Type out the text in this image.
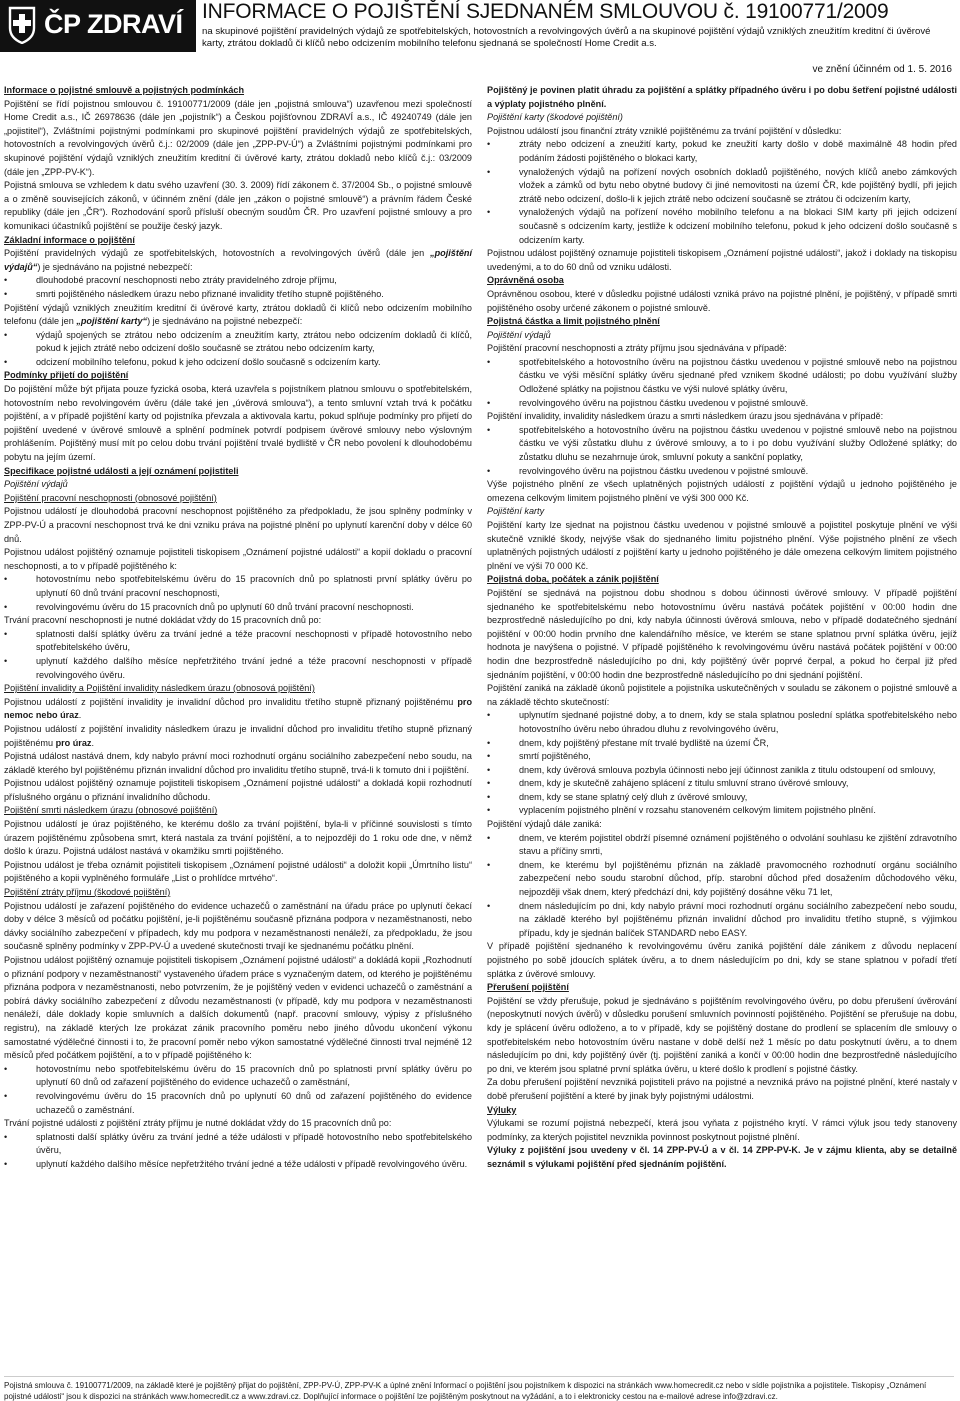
ČP ZDRAVÍ INFORMACE O POJIŠTĚNÍ SJEDNANÉM SMLOUVOU č. 19100771/2009
na skupinové pojištění pravidelných výdajů ze spotřebitelských, hotovostních a revolvingových úvěrů a na skupinové pojištění výdajů vzniklých zneužitím kreditní či úvěrové karty, ztrátou dokladů či klíčů nebo odcizením mobilního telefonu sjednaná se společností Home Credit a.s.
ve znění účinném od 1. 5. 2016

Informace o pojistné smlouvě a pojistných podmínkách

Pojištění se řídí pojistnou smlouvou č. 19100771/2009 (dále jen „pojistná smlouva“) uzavřenou mezi společností Home Credit a.s., IČ 26978636 (dále jen „pojistník“) a Českou pojišťovnou ZDRAVÍ a.s., IČ 49240749 (dále jen „pojistitel“), Zvláštními pojistnými podmínkami pro skupinové pojištění pravidelných výdajů ze spotřebitelských, hotovostních a revolvingových úvěrů č.j.: 02/2009 (dále jen „ZPP-PV-Ú“) a Zvláštními pojistnými podmínkami pro skupinové pojištění výdajů vzniklých zneužitím kreditní či úvěrové karty, ztrátou dokladů nebo klíčů č.j.: 03/2009 (dále jen „ZPP-PV-K“).

Pojistná smlouva se vzhledem k datu svého uzavření (30. 3. 2009) řídí zákonem č. 37/2004 Sb., o pojistné smlouvě a o změně souvisejících zákonů, v účinném znění (dále jen „zákon o pojistné smlouvě“) a právním řádem České republiky (dále jen „ČR“). Rozhodování sporů přísluší obecným soudům ČR. Pro uzavření pojistné smlouvy a pro komunikaci účastníků pojištění se použije český jazyk.

Základní informace o pojištění

Pojištění pravidelných výdajů ze spotřebitelských, hotovostních a revolvingových úvěrů (dále jen „pojištění výdajů“) je sjednáváno na pojistné nebezpečí:

• dlouhodobé pracovní neschopnosti nebo ztráty pravidelného zdroje příjmu,
• smrti pojištěného následkem úrazu nebo přiznané invalidity třetího stupně pojištěného.

Pojištění výdajů vzniklých zneužitím kreditní či úvěrové karty, ztrátou dokladů či klíčů nebo odcizením mobilního telefonu (dále jen „pojištění karty“) je sjednáváno na pojistné nebezpečí:

• výdajů spojených se ztrátou nebo odcizením a zneužitím karty, ztrátou nebo odcizením dokladů či klíčů, pokud k jejich ztrátě nebo odcizení došlo současně se ztrátou nebo odcizením karty,
• odcizení mobilního telefonu, pokud k jeho odcizení došlo současně s odcizením karty.

Podmínky přijetí do pojištění

Do pojištění může být přijata pouze fyzická osoba, která uzavřela s pojistníkem platnou smlouvu o spotřebitelském, hotovostním nebo revolvingovém úvěru (dále také jen „úvěrová smlouva“), a tento smluvní vztah trvá k počátku pojištění, a v případě pojištění karty od pojistníka převzala a aktivovala kartu, pokud splňuje podmínky pro přijetí do pojištění uvedené v úvěrové smlouvě a splnění podmínek potvrdí podpisem úvěrové smlouvy nebo výslovným prohlášením. Pojištěný musí mít po celou dobu trvání pojištění trvalé bydliště v ČR nebo povolení k dlouhodobému pobytu na jejím území.

Specifikace pojistné události a její oznámení pojistiteli

Pojištění výdajů

Pojištění pracovní neschopnosti (obnosové pojištění)

Pojistnou událostí je dlouhodobá pracovní neschopnost pojištěného za předpokladu, že jsou splněny podmínky v ZPP-PV-Ú a pracovní neschopnost trvá ke dni vzniku práva na pojistné plnění po uplynutí karenční doby v délce 60 dnů.

Pojistnou událost pojištěný oznamuje pojistiteli tiskopisem „Oznámení pojistné události“ a kopií dokladu o pracovní neschopnosti, a to v případě pojištěného k:

• hotovostnímu nebo spotřebitelskému úvěru do 15 pracovních dnů po splatnosti první splátky úvěru po uplynutí 60 dnů trvání pracovní neschopnosti,
• revolvingovému úvěru do 15 pracovních dnů po uplynutí 60 dnů trvání pracovní neschopnosti.

Trvání pracovní neschopnosti je nutné dokládat vždy do 15 pracovních dnů po:

• splatnosti další splátky úvěru za trvání jedné a téže pracovní neschopnosti v případě hotovostního nebo spotřebitelského úvěru,
• uplynutí každého dalšího měsíce nepřetržitého trvání jedné a téže pracovní neschopnosti v případě revolvingového úvěru.

Pojištění invalidity a Pojištění invalidity následkem úrazu (obnosová pojištění)

Pojistnou událostí z pojištění invalidity je invalidní důchod pro invaliditu třetího stupně přiznaný pojištěnému pro nemoc nebo úraz.

Pojistnou událostí z pojištění invalidity následkem úrazu je invalidní důchod pro invaliditu třetího stupně přiznaný pojištěnému pro úraz.

Pojistná událost nastává dnem, kdy nabylo právní moci rozhodnutí orgánu sociálního zabezpečení nebo soudu, na základě kterého byl pojištěnému přiznán invalidní důchod pro invaliditu třetího stupně, trvá-li k tomuto dni i pojištění.

Pojistnou událost pojištěný oznamuje pojistiteli tiskopisem „Oznámení pojistné události“ a dokladá kopii rozhodnutí příslušného orgánu o přiznání invalidního důchodu.

Pojištění smrti následkem úrazu (obnosové pojištění)

Pojistnou událostí je úraz pojištěného, ke kterému došlo za trvání pojištění, byla-li v příčinné souvislosti s tímto úrazem pojištěnému způsobena smrt, která nastala za trvání pojištění, a to nejpozději do 1 roku ode dne, v němž došlo k úrazu. Pojistná událost nastává v okamžiku smrti pojištěného.

Pojistnou událost je třeba oznámit pojistiteli tiskopisem „Oznámení pojistné události“ a doložit kopii „Úmrtního listu“ pojištěného a kopii vyplněného formuláře „List o prohlídce mrtvého“.

Pojištění ztráty příjmu (škodové pojištění)

Pojistnou událostí je zařazení pojištěného do evidence uchazečů o zaměstnání na úřadu práce po uplynutí čekací doby v délce 3 měsíců od počátku pojištění, je-li pojištěnému současně přiznána podpora v nezaměstnanosti, nebo dávky sociálního zabezpečení v případech, kdy mu podpora v nezaměstnanosti nenáleží, za předpokladu, že jsou současně splněny podmínky v ZPP-PV-Ú a uvedené skutečnosti trvají ke sjednanému počátku plnění.

Pojistnou událost pojištěný oznamuje pojistiteli tiskopisem „Oznámení pojistné události“ a dokládá kopii „Rozhodnutí o přiznání podpory v nezaměstnanosti“ vystaveného úřadem práce s vyznačeným datem, od kterého je pojištěnému přiznána podpora v nezaměstnanosti, nebo potvrzením, že je pojištěný veden v evidenci uchazečů o zaměstnání a pobírá dávky sociálního zabezpečení z důvodu nezaměstnanosti (v případě, kdy mu podpora v nezaměstnanosti nenáleží, dále doklady kopie smluvních a dalších dokumentů (např. pracovní smlouvy, výpisy z příslušného registru), na základě kterých lze prokázat zánik pracovního poměru nebo jiného důvodu ukončení výkonu samostatné výdělečné činnosti i to, že pracovní poměr nebo výkon samostatné výdělečné činnosti trval nejméně 12 měsíců před počátkem pojištění, a to v případě pojištěného k:

• hotovostnímu nebo spotřebitelskému úvěru do 15 pracovních dnů po splatnosti první splátky úvěru po uplynutí 60 dnů od zařazení pojištěného do evidence uchazečů o zaměstnání,
• revolvingovému úvěru do 15 pracovních dnů po uplynutí 60 dnů od zařazení pojištěného do evidence uchazečů o zaměstnání.

Trvání pojistné události z pojištění ztráty příjmu je nutné dokládat vždy do 15 pracovních dnů po:

• splatnosti další splátky úvěru za trvání jedné a téže události v případě hotovostního nebo spotřebitelského úvěru,
• uplynutí každého dalšího měsíce nepřetržitého trvání jedné a téže události v případě revolvingového úvěru.

Pojištěný je povinen platit úhradu za pojištění a splátky případného úvěru i po dobu šetření pojistné události a výplaty pojistného plnění.

Pojištění karty (škodové pojištění)

Pojistnou událostí jsou finanční ztráty vzniklé pojištěnému za trvání pojištění v důsledku:

• ztráty nebo odcizení a zneužití karty, pokud ke zneužití karty došlo v době maximálně 48 hodin před podáním žádosti pojištěného o blokaci karty,
• vynaložených výdajů na pořízení nových osobních dokladů pojištěného, nových klíčů anebo zámkových vložek a zámků od bytu nebo obytné budovy či jiné nemovitosti na území ČR, kde pojištěný bydlí, při jejich ztrátě nebo odcizení, došlo-li k jejich ztrátě nebo odcizení současně se ztrátou či odcizením karty,
• vynaložených výdajů na pořízení nového mobilního telefonu a na blokaci SIM karty při jejich odcizení současně s odcizením karty, jestliže k odcizení mobilního telefonu, pokud k jeho odcizení došlo současně s odcizením karty.

Pojistnou událost pojištěný oznamuje pojistiteli tiskopisem „Oznámení pojistné události“, jakož i doklady na tiskopisu uvedenými, a to do 60 dnů od vzniku události.

Oprávněná osoba

Oprávněnou osobou, které v důsledku pojistné události vzniká právo na pojistné plnění, je pojištěný, v případě smrti pojištěného osoby určené zákonem o pojistné smlouvě.

Pojistná částka a limit pojistného plnění

Pojištění výdajů

Pojištění pracovní neschopnosti a ztráty příjmu jsou sjednávána v případě:

• spotřebitelského a hotovostního úvěru na pojistnou částku uvedenou v pojistné smlouvě nebo na pojistnou částku ve výši měsíční splátky úvěru sjednané před vznikem škodné události; po dobu využívání služby Odložené splátky na pojistnou částku ve výši nulové splátky úvěru,
• revolvingového úvěru na pojistnou částku uvedenou v pojistné smlouvě.

Pojištění invalidity, invalidity následkem úrazu a smrti následkem úrazu jsou sjednávána v případě:

• spotřebitelského a hotovostního úvěru na pojistnou částku uvedenou v pojistné smlouvě nebo na pojistnou částku ve výši zůstatku dluhu z úvěrové smlouvy, a to i po dobu využívání služby Odložené splátky; do zůstatku dluhu se nezahrnuje úrok, smluvní pokuty a sankční poplatky,
• revolvingového úvěru na pojistnou částku uvedenou v pojistné smlouvě.

Výše pojistného plnění ze všech uplatněných pojistných událostí z pojištění výdajů u jednoho pojištěného je omezena celkovým limitem pojistného plnění ve výši 300 000 Kč.

Pojištění karty

Pojištění karty lze sjednat na pojistnou částku uvedenou v pojistné smlouvě a pojistitel poskytuje plnění ve výši skutečně vzniklé škody, nejvýše však do sjednaného limitu pojistného plnění. Výše pojistného plnění ze všech uplatněných pojistných událostí z pojištění karty u jednoho pojištěného je dále omezena celkovým limitem pojistného plnění ve výši 70 000 Kč.

Pojistná doba, počátek a zánik pojištění

Pojištění se sjednává na pojistnou dobu shodnou s dobou účinnosti úvěrové smlouvy. V případě pojištění sjednaného ke spotřebitelskému nebo hotovostnímu úvěru nastává počátek pojištění v 00:00 hodin dne bezprostředně následujícího po dni, kdy nabyla účinnosti úvěrová smlouva, nebo v případě dodatečného sjednání pojištění v 00:00 hodin prvního dne kalendářního měsíce, ve kterém se stane splatnou první splátka úvěru, jejíž hodnota je navýšena o pojistné. V případě pojištěného k revolvingovému úvěru nastává počátek pojištění v 00:00 hodin dne bezprostředně následujícího po dni, kdy pojištěný úvěr poprvé čerpal, a pokud ho čerpal již před sjednáním pojištění, v 00:00 hodin dne bezprostředně následujícího po dni sjednání pojištění.

Pojištění zaniká na základě úkonů pojistitele a pojistníka uskutečněných v souladu se zákonem o pojistné smlouvě a na základě těchto skutečností:

• uplynutím sjednané pojistné doby, a to dnem, kdy se stala splatnou poslední splátka spotřebitelského nebo hotovostního úvěru nebo úhradou dluhu z revolvingového úvěru,
• dnem, kdy pojištěný přestane mít trvalé bydliště na území ČR,
• smrtí pojištěného,
• dnem, kdy úvěrová smlouva pozbyla účinnosti nebo její účinnost zanikla z titulu odstoupení od smlouvy,
• dnem, kdy je skutečně zahájeno splácení z titulu smluvní strano úvěrové smlouvy,
• dnem, kdy se stane splatný celý dluh z úvěrové smlouvy,
• vyplacením pojistného plnění v rozsahu stanoveném celkovým limitem pojistného plnění.

Pojištění výdajů dále zaniká:

• dnem, ve kterém pojistitel obdrží písemné oznámení pojištěného o odvolání souhlasu ke zjištění zdravotního stavu a příčiny smrti,
• dnem, ke kterému byl pojištěnému přiznán na základě pravomocného rozhodnutí orgánu sociálního zabezpečení nebo soudu starobní důchod, příp. starobní důchod před dosažením důchodového věku, nejpozději však dnem, který předchází dni, kdy pojištěný dosáhne věku 71 let,
• dnem následujícím po dni, kdy nabylo právní moci rozhodnutí orgánu sociálního zabezpečení nebo soudu, na základě kterého byl pojištěnému přiznán invalidní důchod pro invaliditu třetího stupně, s výjimkou případu, kdy je sjednán balíček STANDARD nebo EASY.

V případě pojištění sjednaného k revolvingovému úvěru zaniká pojištění dále zánikem z důvodu neplacení pojistného po sobě jdoucích splátek úvěru, a to dnem následujícím po dni, kdy se stane splatnou v pořadí třetí splátka z úvěrové smlouvy.

Přerušení pojištění

Pojištění se vždy přerušuje, pokud je sjednáváno s pojištěním revolvingového úvěru, po dobu přerušení úvěrování (neposkytnutí nových úvěrů) v důsledku porušení smluvních povinností pojištěného. Pojištění se přerušuje na dobu, kdy je splácení úvěru odloženo, a to v případě, kdy se pojištěný dostane do prodlení se splacením dle smlouvy o spotřebitelském nebo hotovostním úvěru nastane v době delší než 1 měsíc po datu poskytnutí úvěru, a to dnem následujícím po dni, kdy pojištěný úvěr (tj. pojištění zaniká a končí v 00:00 hodin dne bezprostředně následujícího po dni, ve kterém jsou splatné první splátka úvěru, u které došlo k prodlení s pojistné částky.

Za dobu přerušení pojištění nevzniká pojistiteli právo na pojistné a nevzniká právo na pojistné plnění, které nastaly v době přerušení pojištění a které by jinak byly pojistnými událostmi.

Výluky

Výlukami se rozumí pojistná nebezpečí, která jsou vyňata z pojistného krytí. V rámci výluk jsou tedy stanoveny podmínky, za kterých pojistitel nevznikla povinnost poskytnout pojistné plnění.

Výluky z pojištění jsou uvedeny v čl. 14 ZPP-PV-Ú a v čl. 14 ZPP-PV-K. Je v zájmu klienta, aby se detailně seznámil s výlukami pojištění před sjednáním pojištění.

Pojistná smlouva č. 19100771/2009, na základě které je pojištěný přijat do pojištění, ZPP-PV-Ú, ZPP-PV-K a úplné znění Informací o pojištění jsou pojistníkem k dispozici na stránkách www.homecredit.cz nebo v sídle pojistníka a pojistitele. Tiskopisy „Oznámení pojistné události“ jsou k dispozici na stránkách www.homecredit.cz a www.zdravi.cz. Doplňující informace o pojištění lze pojištěným poskytnout na vyžádání, a to i elektronicky cestou na e-mailové adrese info@zdravi.cz.
